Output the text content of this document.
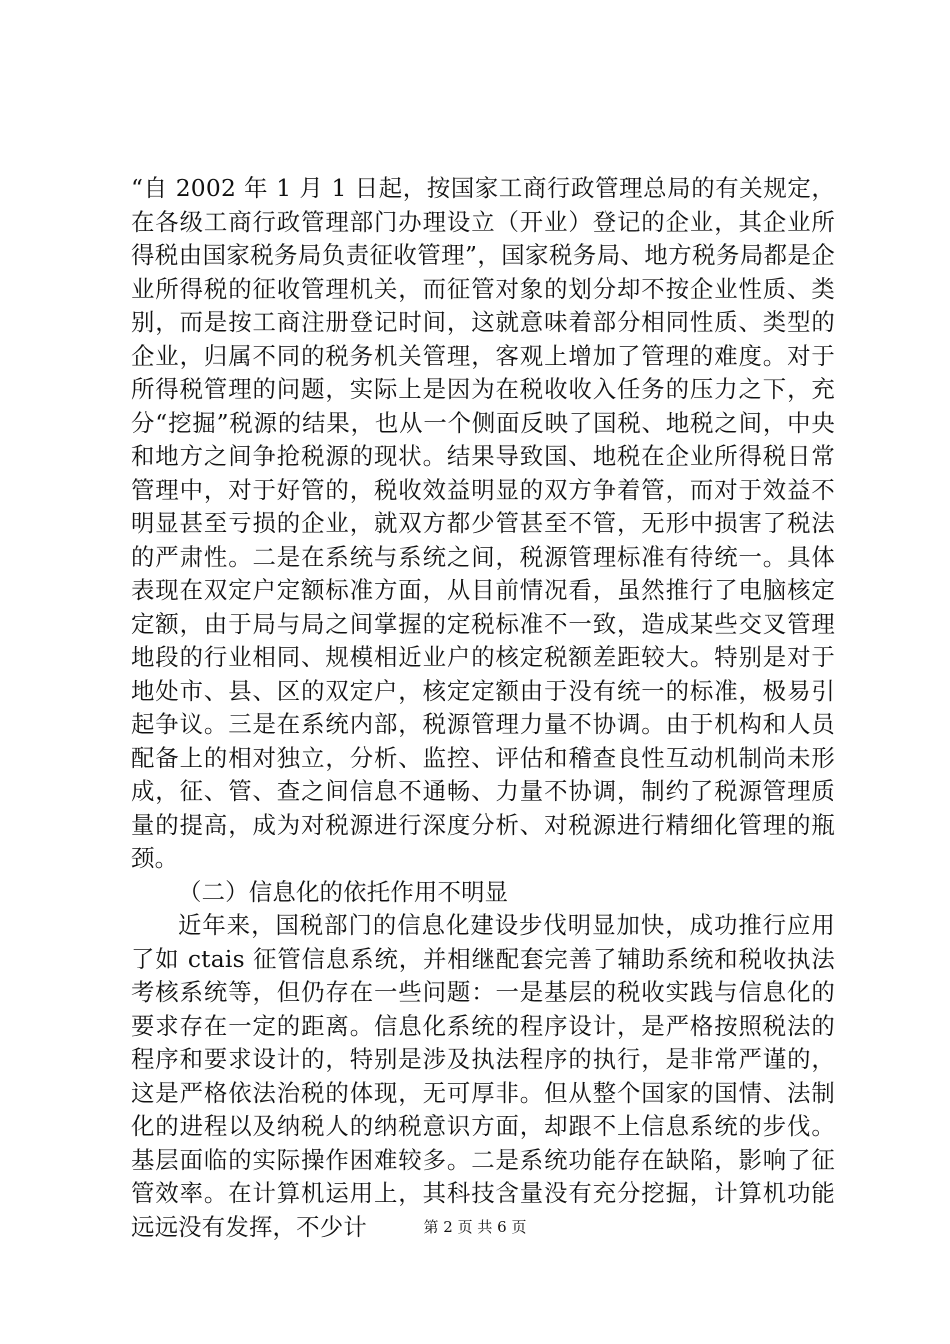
“自 2002 年 1 月 1 日起，按国家工商行政管理总局的有关规定，在各级工商行政管理部门办理设立（开业）登记的企业，其企业所得税由国家税务局负责征收管理”，国家税务局、地方税务局都是企业所得税的征收管理机关，而征管对象的划分却不按企业性质、类别，而是按工商注册登记时间，这就意味着部分相同性质、类型的企业，归属不同的税务机关管理，客观上增加了管理的难度。对于所得税管理的问题，实际上是因为在税收收入任务的压力之下，充分“挖掘”税源的结果，也从一个侧面反映了国税、地税之间，中央和地方之间争抢税源的现状。结果导致国、地税在企业所得税日常管理中，对于好管的，税收效益明显的双方争着管，而对于效益不明显甚至亏损的企业，就双方都少管甚至不管，无形中损害了税法的严肃性。二是在系统与系统之间，税源管理标准有待统一。具体表现在双定户定额标准方面，从目前情况看，虽然推行了电脑核定定额，由于局与局之间掌握的定税标准不一致，造成某些交叉管理地段的行业相同、规模相近业户的核定税额差距较大。特别是对于地处市、县、区的双定户，核定定额由于没有统一的标准，极易引起争议。三是在系统内部，税源管理力量不协调。由于机构和人员配备上的相对独立，分析、监控、评估和稽查良性互动机制尚未形成，征、管、查之间信息不通畅、力量不协调，制约了税源管理质量的提高，成为对税源进行深度分析、对税源进行精细化管理的瓶颈。

（二）信息化的依托作用不明显

近年来，国税部门的信息化建设步伐明显加快，成功推行应用了如 ctais 征管信息系统，并相继配套完善了辅助系统和税收执法考核系统等，但仍存在一些问题：一是基层的税收实践与信息化的要求存在一定的距离。信息化系统的程序设计，是严格按照税法的程序和要求设计的，特别是涉及执法程序的执行，是非常严谨的，这是严格依法治税的体现，无可厚非。但从整个国家的国情、法制化的进程以及纳税人的纳税意识方面，却跟不上信息系统的步伐。基层面临的实际操作困难较多。二是系统功能存在缺陷，影响了征管效率。在计算机运用上，其科技含量没有充分挖掘，计算机功能远远没有发挥，不少计	第 2 页 共 6 页
